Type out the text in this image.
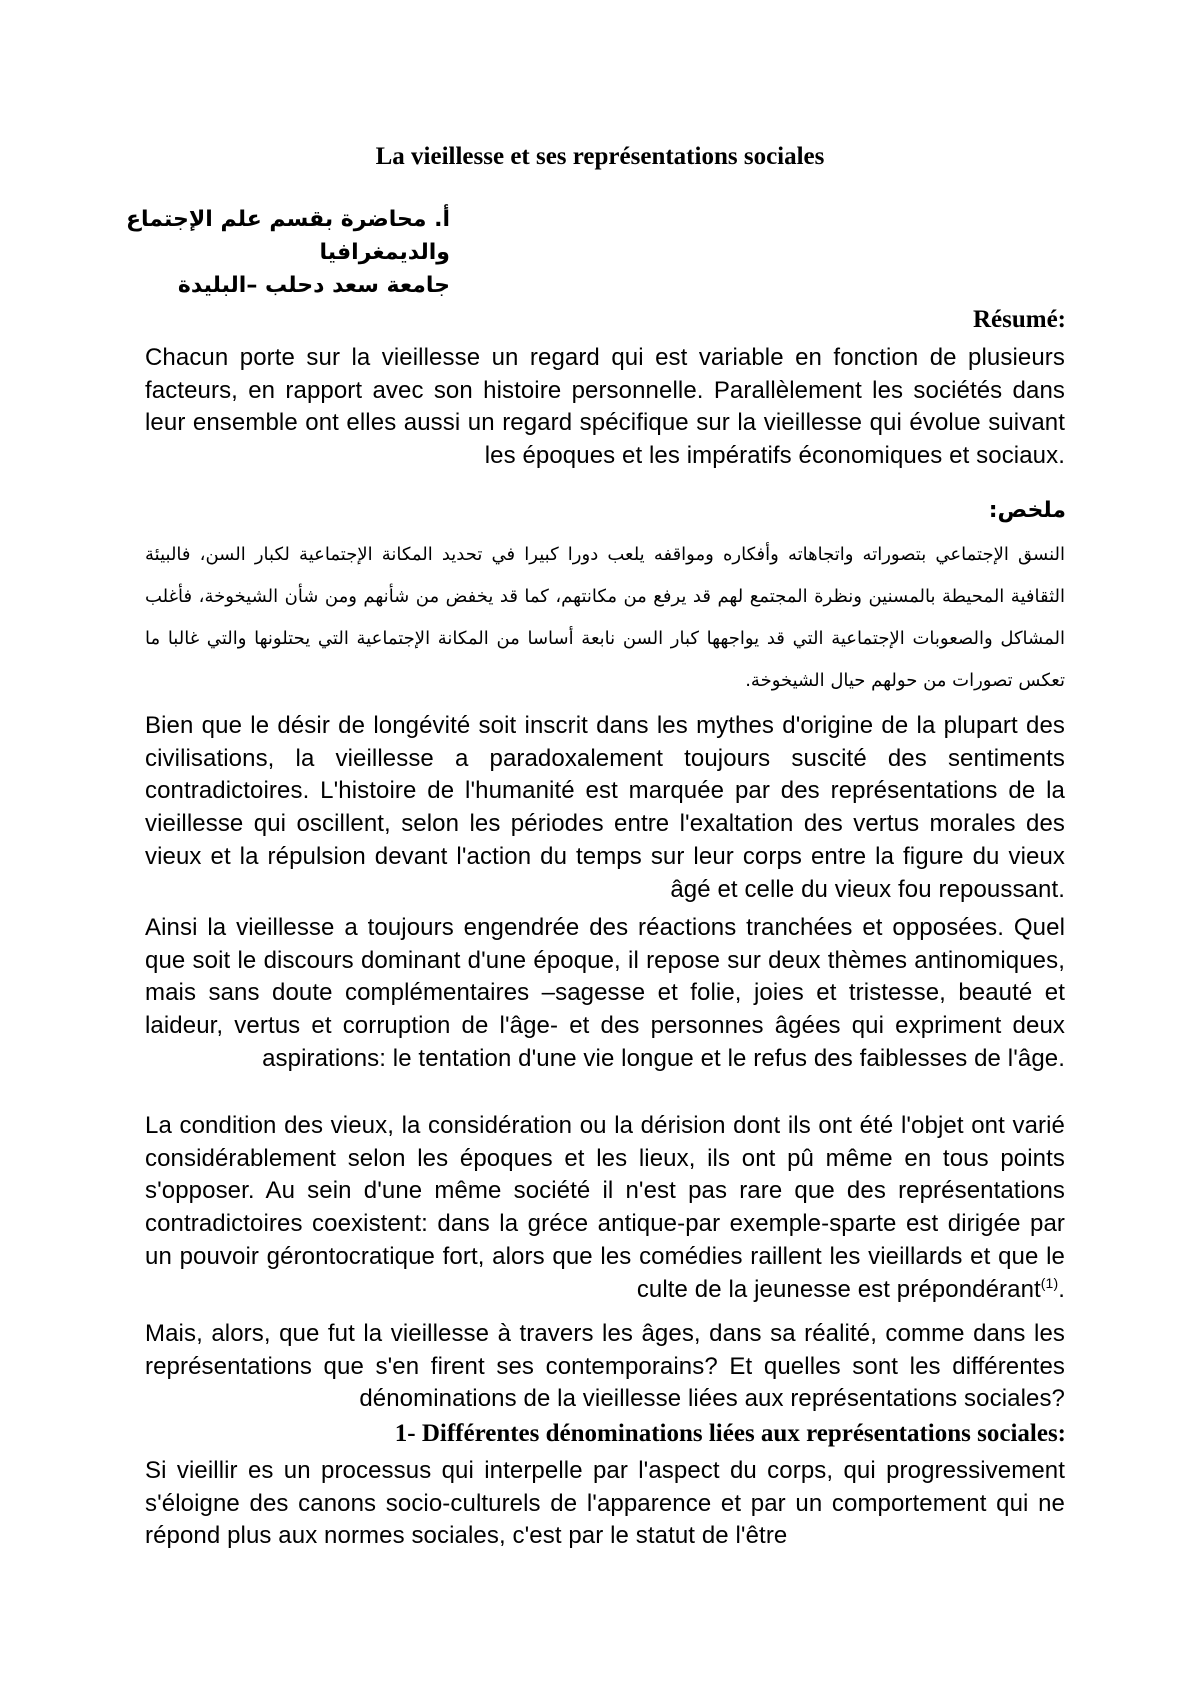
La vieillesse et ses représentations sociales
أ. محاضرة بقسم علم الإجتماع
والديمغرافيا
جامعة سعد دحلب –البليدة
Résumé:
Chacun porte sur la vieillesse un regard qui est variable en fonction de plusieurs facteurs, en rapport avec son histoire personnelle. Parallèlement les sociétés dans leur ensemble ont elles aussi un regard spécifique sur la vieillesse qui évolue suivant les époques et les impératifs économiques et sociaux.
ملخص:
النسق الإجتماعي بتصوراته واتجاهاته وأفكاره ومواقفه يلعب دورا كبيرا في تحديد المكانة الإجتماعية لكبار السن، فالبيئة الثقافية المحيطة بالمسنين ونظرة المجتمع لهم قد يرفع من مكانتهم، كما قد يخفض من شأنهم ومن شأن الشيخوخة، فأغلب المشاكل والصعوبات الإجتماعية التي قد يواجهها كبار السن نابعة أساسا من المكانة الإجتماعية التي يحتلونها والتي غالبا ما تعكس تصورات من حولهم حيال الشيخوخة.
Bien que le désir de longévité soit inscrit dans les mythes d'origine de la plupart des civilisations, la vieillesse a paradoxalement toujours suscité des sentiments contradictoires. L'histoire de l'humanité est marquée par des représentations de la vieillesse qui oscillent, selon les périodes entre l'exaltation des vertus morales des vieux et la répulsion devant l'action du temps sur leur corps entre la figure du vieux âgé et celle du vieux fou repoussant.
Ainsi la vieillesse a toujours engendrée des réactions tranchées et opposées. Quel que soit le discours dominant d'une époque, il repose sur deux thèmes antinomiques, mais sans doute complémentaires –sagesse et folie, joies et tristesse, beauté et laideur, vertus et corruption de l'âge- et des personnes âgées qui expriment deux aspirations: le tentation d'une vie longue et le refus des faiblesses de l'âge.
La condition des vieux, la considération ou la dérision dont ils ont été l'objet ont varié considérablement selon les époques et les lieux, ils ont pû même en tous points s'opposer. Au sein d'une même société il n'est pas rare que des représentations contradictoires coexistent: dans la gréce antique-par exemple-sparte est dirigée par un pouvoir gérontocratique fort, alors que les comédies raillent les vieillards et que le culte de la jeunesse est prépondérant$^{(1)}$.
Mais, alors, que fut la vieillesse à travers les âges, dans sa réalité, comme dans les représentations que s'en firent ses contemporains? Et quelles sont les différentes dénominations de la vieillesse liées aux représentations sociales?
1- Différentes dénominations liées aux représentations sociales:
Si vieillir es un processus qui interpelle par l'aspect du corps, qui progressivement s'éloigne des canons socio-culturels de l'apparence et par un comportement qui ne répond plus aux normes sociales, c'est par le statut de l'être
